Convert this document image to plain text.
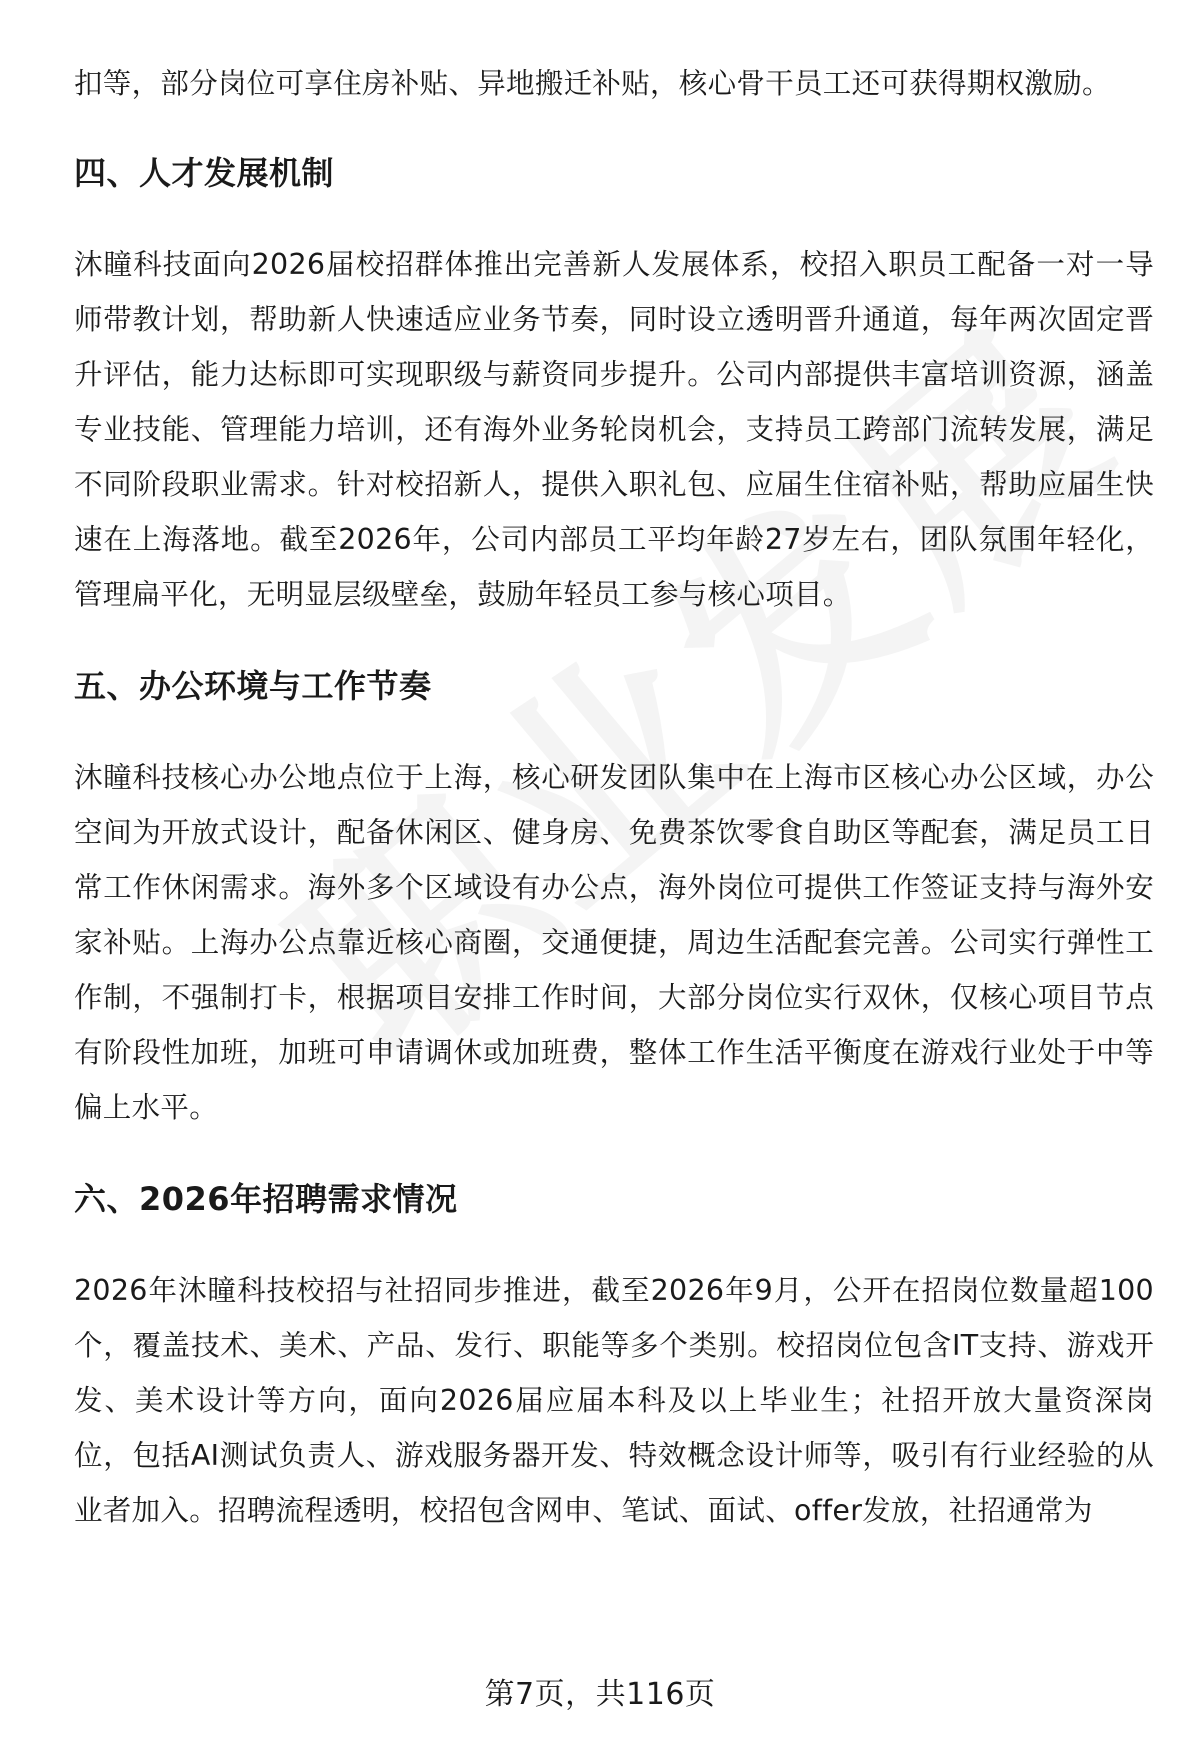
扣等，部分岗位可享住房补贴、异地搬迁补贴，核心骨干员工还可获得期权激励。

四、人才发展机制

沐瞳科技面向2026届校招群体推出完善新人发展体系，校招入职员工配备一对一导师带教计划，帮助新人快速适应业务节奏，同时设立透明晋升通道，每年两次固定晋升评估，能力达标即可实现职级与薪资同步提升。公司内部提供丰富培训资源，涵盖专业技能、管理能力培训，还有海外业务轮岗机会，支持员工跨部门流转发展，满足不同阶段职业需求。针对校招新人，提供入职礼包、应届生住宿补贴，帮助应届生快速在上海落地。截至2026年，公司内部员工平均年龄27岁左右，团队氛围年轻化，管理扁平化，无明显层级壁垒，鼓励年轻员工参与核心项目。

五、办公环境与工作节奏

沐瞳科技核心办公地点位于上海，核心研发团队集中在上海市区核心办公区域，办公空间为开放式设计，配备休闲区、健身房、免费茶饮零食自助区等配套，满足员工日常工作休闲需求。海外多个区域设有办公点，海外岗位可提供工作签证支持与海外安家补贴。上海办公点靠近核心商圈，交通便捷，周边生活配套完善。公司实行弹性工作制，不强制打卡，根据项目安排工作时间，大部分岗位实行双休，仅核心项目节点有阶段性加班，加班可申请调休或加班费，整体工作生活平衡度在游戏行业处于中等偏上水平。

六、2026年招聘需求情况

2026年沐瞳科技校招与社招同步推进，截至2026年9月，公开在招岗位数量超100个，覆盖技术、美术、产品、发行、职能等多个类别。校招岗位包含IT支持、游戏开发、美术设计等方向，面向2026届应届本科及以上毕业生；社招开放大量资深岗位，包括AI测试负责人、游戏服务器开发、特效概念设计师等，吸引有行业经验的从业者加入。招聘流程透明，校招包含网申、笔试、面试、offer发放，社招通常为

第7页，共116页
